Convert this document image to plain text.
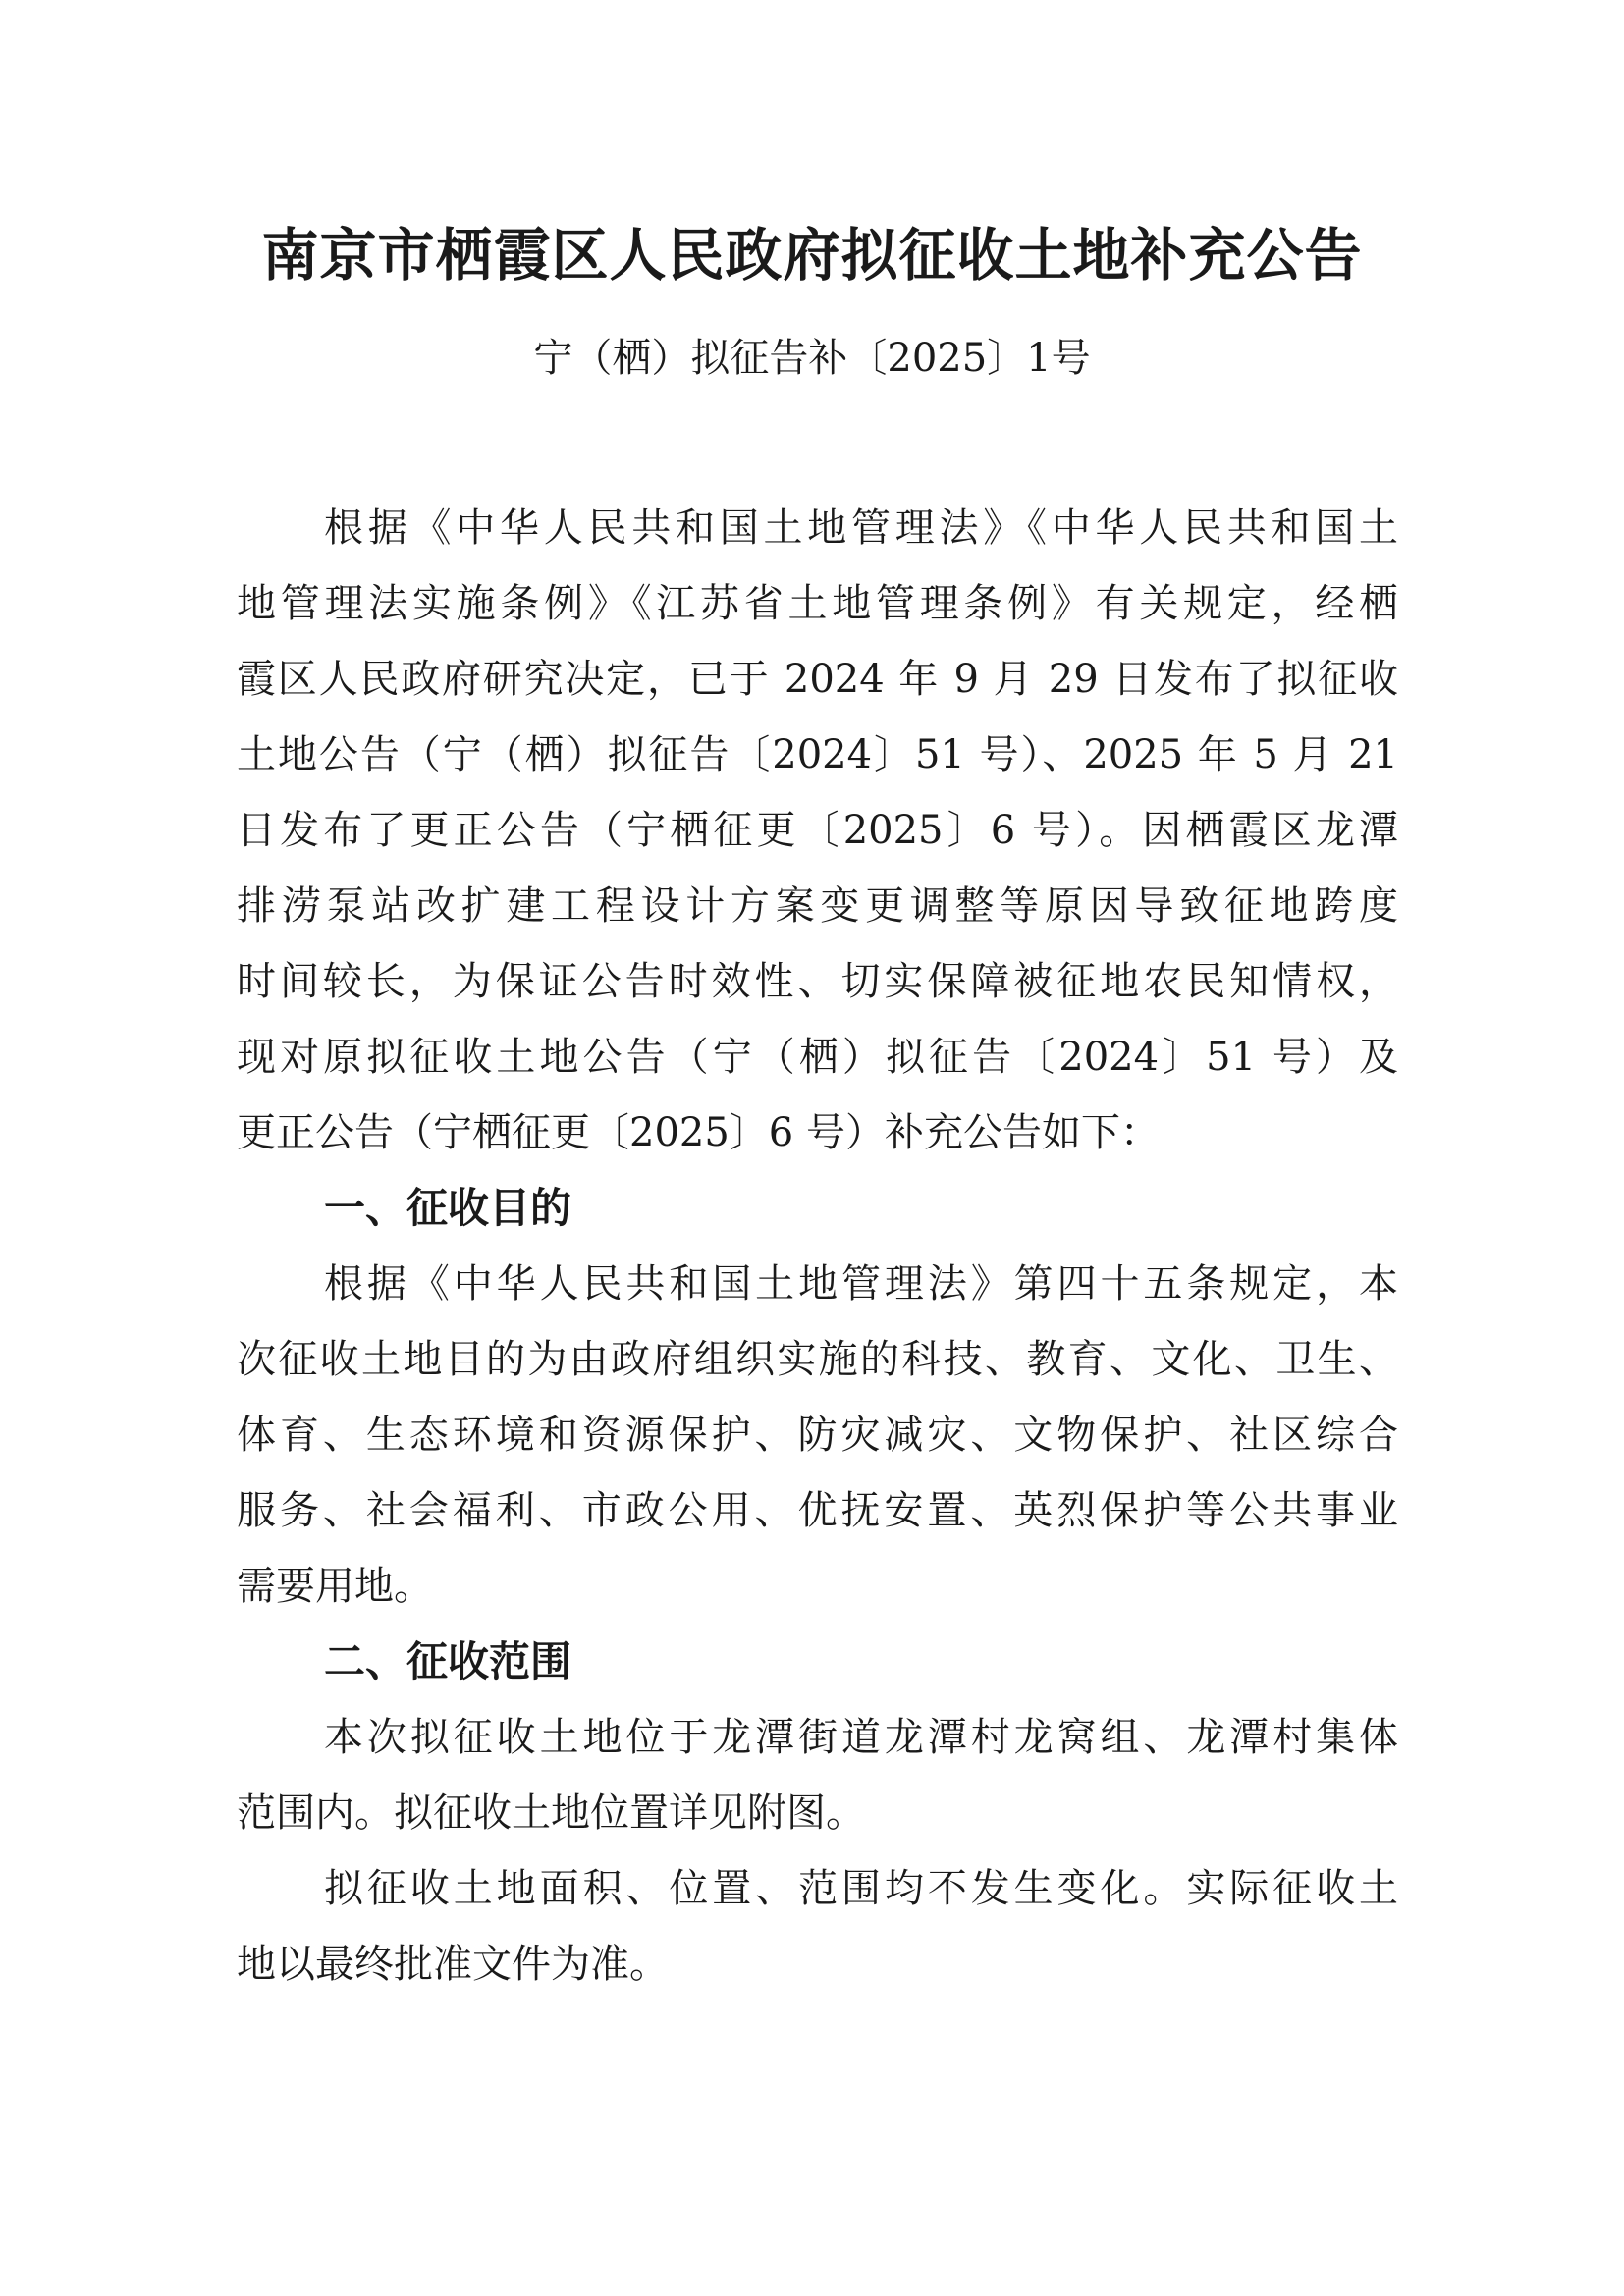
南京市栖霞区人民政府拟征收土地补充公告
宁（栖）拟征告补〔2025〕1号
根据《中华人民共和国土地管理法》《中华人民共和国土
地管理法实施条例》《江苏省土地管理条例》有关规定，经栖
霞区人民政府研究决定，已于 2024 年 9 月 29 日发布了拟征收
土地公告（宁（栖）拟征告〔2024〕51 号）、2025 年 5 月 21
日发布了更正公告（宁栖征更〔2025〕6 号）。因栖霞区龙潭
排涝泵站改扩建工程设计方案变更调整等原因导致征地跨度
时间较长，为保证公告时效性、切实保障被征地农民知情权，
现对原拟征收土地公告（宁（栖）拟征告〔2024〕51 号）及
更正公告（宁栖征更〔2025〕6 号）补充公告如下：
一、征收目的
根据《中华人民共和国土地管理法》第四十五条规定，本
次征收土地目的为由政府组织实施的科技、教育、文化、卫生、
体育、生态环境和资源保护、防灾减灾、文物保护、社区综合
服务、社会福利、市政公用、优抚安置、英烈保护等公共事业
需要用地。
二、征收范围
本次拟征收土地位于龙潭街道龙潭村龙窝组、龙潭村集体
范围内。拟征收土地位置详见附图。
拟征收土地面积、位置、范围均不发生变化。实际征收土
地以最终批准文件为准。
